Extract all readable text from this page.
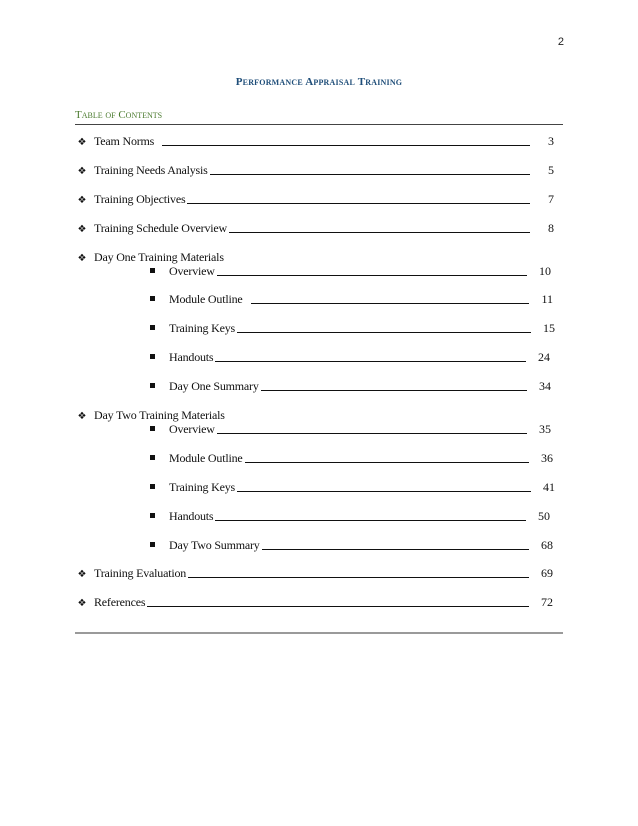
2
Performance Appraisal Training
Table of Contents
❖ Team Norms	3
❖ Training Needs Analysis	5
❖ Training Objectives	7
❖ Training Schedule Overview	8
❖ Day One Training Materials
Overview	10
Module Outline	11
Training Keys	15
Handouts	24
Day One Summary	34
❖ Day Two Training Materials
Overview	35
Module Outline	36
Training Keys	41
Handouts	50
Day Two Summary	68
❖ Training Evaluation	69
❖ References	72
